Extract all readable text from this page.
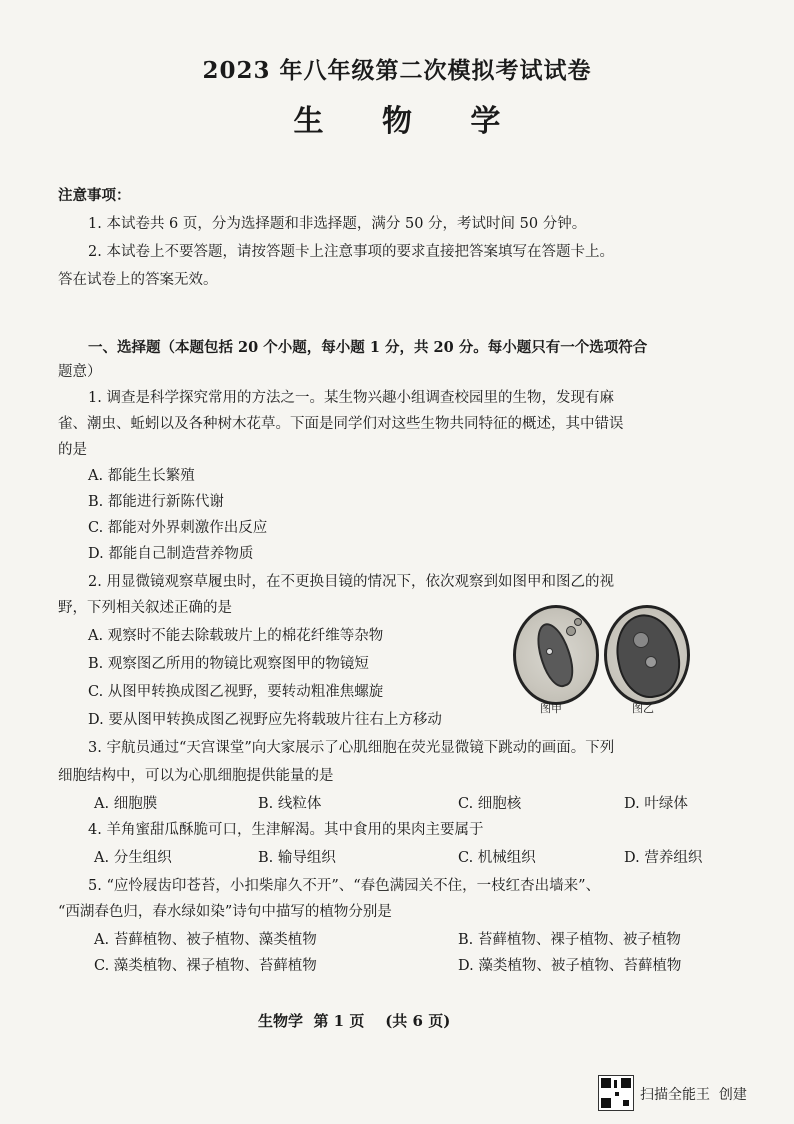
2023 年八年级第二次模拟考试试卷
生 物 学
注意事项：
1. 本试卷共 6 页，分为选择题和非选择题，满分 50 分，考试时间 50 分钟。
2. 本试卷上不要答题，请按答题卡上注意事项的要求直接把答案填写在答题卡上。
答在试卷上的答案无效。
一、选择题（本题包括 20 个小题，每小题 1 分，共 20 分。每小题只有一个选项符合
题意）
1. 调查是科学探究常用的方法之一。某生物兴趣小组调查校园里的生物，发现有麻
雀、潮虫、蚯蚓以及各种树木花草。下面是同学们对这些生物共同特征的概述，其中错误
的是
A. 都能生长繁殖
B. 都能进行新陈代谢
C. 都能对外界刺激作出反应
D. 都能自己制造营养物质
2. 用显微镜观察草履虫时，在不更换目镜的情况下，依次观察到如图甲和图乙的视
野，下列相关叙述正确的是
A. 观察时不能去除载玻片上的棉花纤维等杂物
B. 观察图乙所用的物镜比观察图甲的物镜短
C. 从图甲转换成图乙视野，要转动粗准焦螺旋
D. 要从图甲转换成图乙视野应先将载玻片往右上方移动
图甲	图乙
3. 宇航员通过“天宫课堂”向大家展示了心肌细胞在荧光显微镜下跳动的画面。下列
细胞结构中，可以为心肌细胞提供能量的是
A. 细胞膜	B. 线粒体	C. 细胞核	D. 叶绿体
4. 羊角蜜甜瓜酥脆可口，生津解渴。其中食用的果肉主要属于
A. 分生组织	B. 输导组织	C. 机械组织	D. 营养组织
5. “应怜屐齿印苍苔，小扣柴扉久不开”、“春色满园关不住，一枝红杏出墙来”、
“西湖春色归，春水绿如染”诗句中描写的植物分别是
A. 苔藓植物、被子植物、藻类植物	B. 苔藓植物、裸子植物、被子植物
C. 藻类植物、裸子植物、苔藓植物	D. 藻类植物、被子植物、苔藓植物
生物学  第 1 页    (共 6 页)
扫描全能王  创建
